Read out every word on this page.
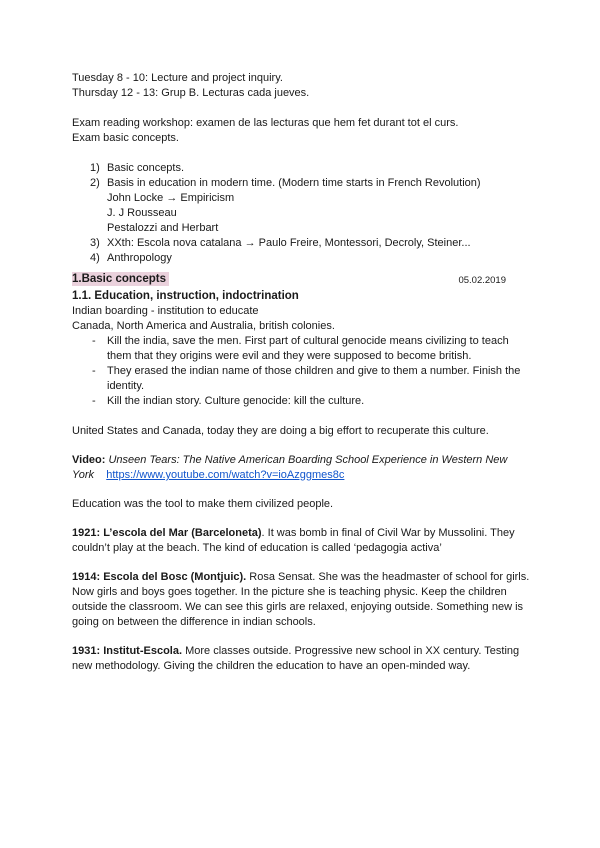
Tuesday 8 - 10: Lecture and project inquiry.

Thursday 12 - 13: Grup B. Lecturas cada jueves.

Exam reading workshop: examen de las lecturas que hem fet durant tot el curs.

Exam basic concepts.

1) Basic concepts.
2) Basis in education in modern time. (Modern time starts in French Revolution)
John Locke → Empiricism
J. J Rousseau
Pestalozzi and Herbart
3) XXth: Escola nova catalana → Paulo Freire, Montessori, Decroly, Steiner...
4) Anthropology
1.Basic concepts	05.02.2019

1.1. Education, instruction, indoctrination

Indian boarding - institution to educate

Canada, North America and Australia, british colonies.

- Kill the india, save the men. First part of cultural genocide means civilizing to teach them that they origins were evil and they were supposed to become british.
- They erased the indian name of those children and give to them a number. Finish the identity.
- Kill the indian story. Culture genocide: kill the culture.

United States and Canada, today they are doing a big effort to recuperate this culture.

Video: Unseen Tears: The Native American Boarding School Experience in Western New York https://www.youtube.com/watch?v=ioAzggmes8c

Education was the tool to make them civilized people.

1921: L’escola del Mar (Barceloneta). It was bomb in final of Civil War by Mussolini. They couldn’t play at the beach. The kind of education is called ‘pedagogia activa’

1914: Escola del Bosc (Montjuic). Rosa Sensat. She was the headmaster of school for girls. Now girls and boys goes together. In the picture she is teaching physic. Keep the children outside the classroom. We can see this girls are relaxed, enjoying outside. Something new is going on between the difference in indian schools.

1931: Institut-Escola. More classes outside. Progressive new school in XX century. Testing new methodology. Giving the children the education to have an open-minded way.
